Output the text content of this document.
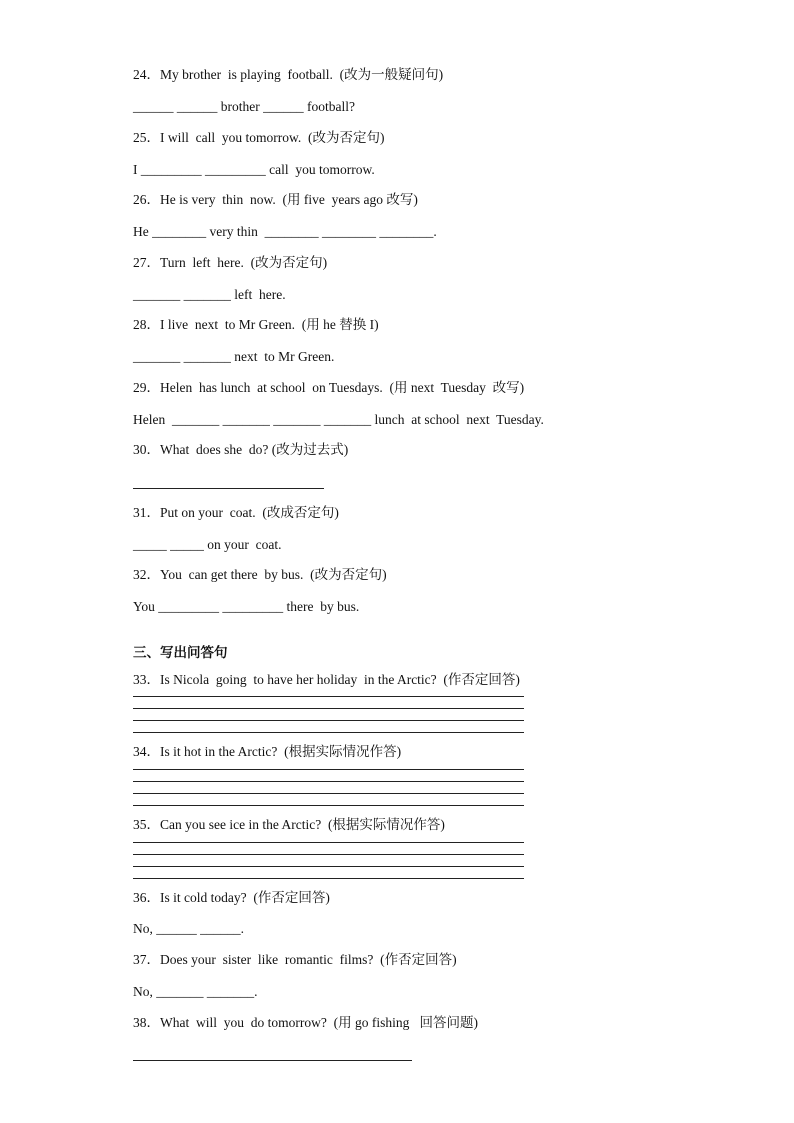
24．My brother  is playing  football.  (改为一般疑问句)
______ ______ brother ______ football?
25．I will  call  you tomorrow.  (改为否定句)
I _________ _________ call  you tomorrow.
26．He is very  thin  now.  (用 five  years ago 改写)
He ________ very thin  ________ ________ ________.
27．Turn  left  here.  (改为否定句)
_______ _______ left  here.
28．I live  next  to Mr Green.  (用 he 替换 I)
_______ _______ next  to Mr Green.
29．Helen  has lunch  at school  on Tuesdays.  (用 next  Tuesday  改写)
Helen  _______ _______ _______ _______ lunch  at school  next  Tuesday.
30．What  does she  do? (改为过去式)
31．Put on your  coat.  (改成否定句)
_____ _____ on your  coat.
32．You  can get there  by bus.  (改为否定句)
You _________ _________ there  by bus.
三、写出问答句
33．Is Nicola  going  to have her holiday  in the Arctic?  (作否定回答)
34．Is it hot in the Arctic?  (根据实际情况作答)
35．Can you see ice in the Arctic?  (根据实际情况作答)
36．Is it cold today?  (作否定回答)
No, ______ ______.
37．Does your  sister  like  romantic  films?  (作否定回答)
No, _______ _______.
38．What  will  you  do tomorrow?  (用 go fishing   回答问题)
